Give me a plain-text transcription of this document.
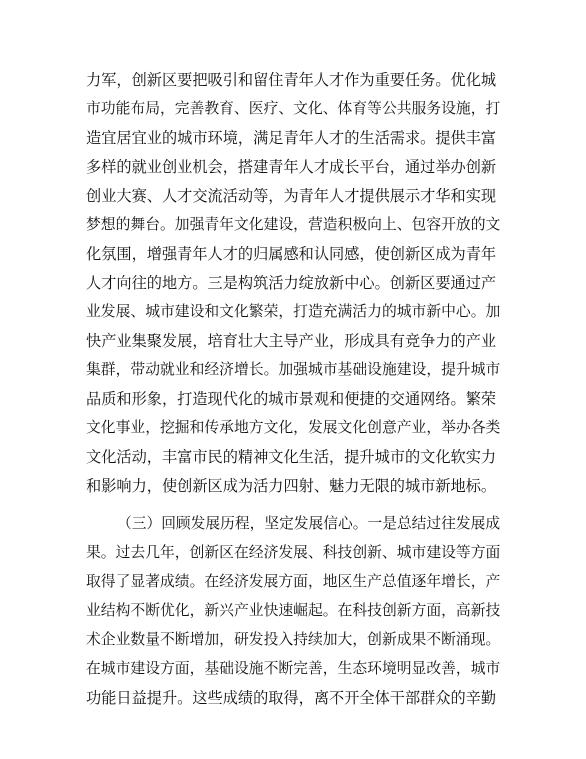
力军，创新区要把吸引和留住青年人才作为重要任务。优化城
市功能布局，完善教育、医疗、文化、体育等公共服务设施，打
造宜居宜业的城市环境，满足青年人才的生活需求。提供丰富
多样的就业创业机会，搭建青年人才成长平台，通过举办创新
创业大赛、人才交流活动等，为青年人才提供展示才华和实现
梦想的舞台。加强青年文化建设，营造积极向上、包容开放的文
化氛围，增强青年人才的归属感和认同感，使创新区成为青年
人才向往的地方。三是构筑活力绽放新中心。创新区要通过产
业发展、城市建设和文化繁荣，打造充满活力的城市新中心。加
快产业集聚发展，培育壮大主导产业，形成具有竞争力的产业
集群，带动就业和经济增长。加强城市基础设施建设，提升城市
品质和形象，打造现代化的城市景观和便捷的交通网络。繁荣
文化事业，挖掘和传承地方文化，发展文化创意产业，举办各类
文化活动，丰富市民的精神文化生活，提升城市的文化软实力
和影响力，使创新区成为活力四射、魅力无限的城市新地标。
（三）回顾发展历程，坚定发展信心。一是总结过往发展成
果。过去几年，创新区在经济发展、科技创新、城市建设等方面
取得了显著成绩。在经济发展方面，地区生产总值逐年增长，产
业结构不断优化，新兴产业快速崛起。在科技创新方面，高新技
术企业数量不断增加，研发投入持续加大，创新成果不断涌现。
在城市建设方面，基础设施不断完善，生态环境明显改善，城市
功能日益提升。这些成绩的取得，离不开全体干部群众的辛勤
